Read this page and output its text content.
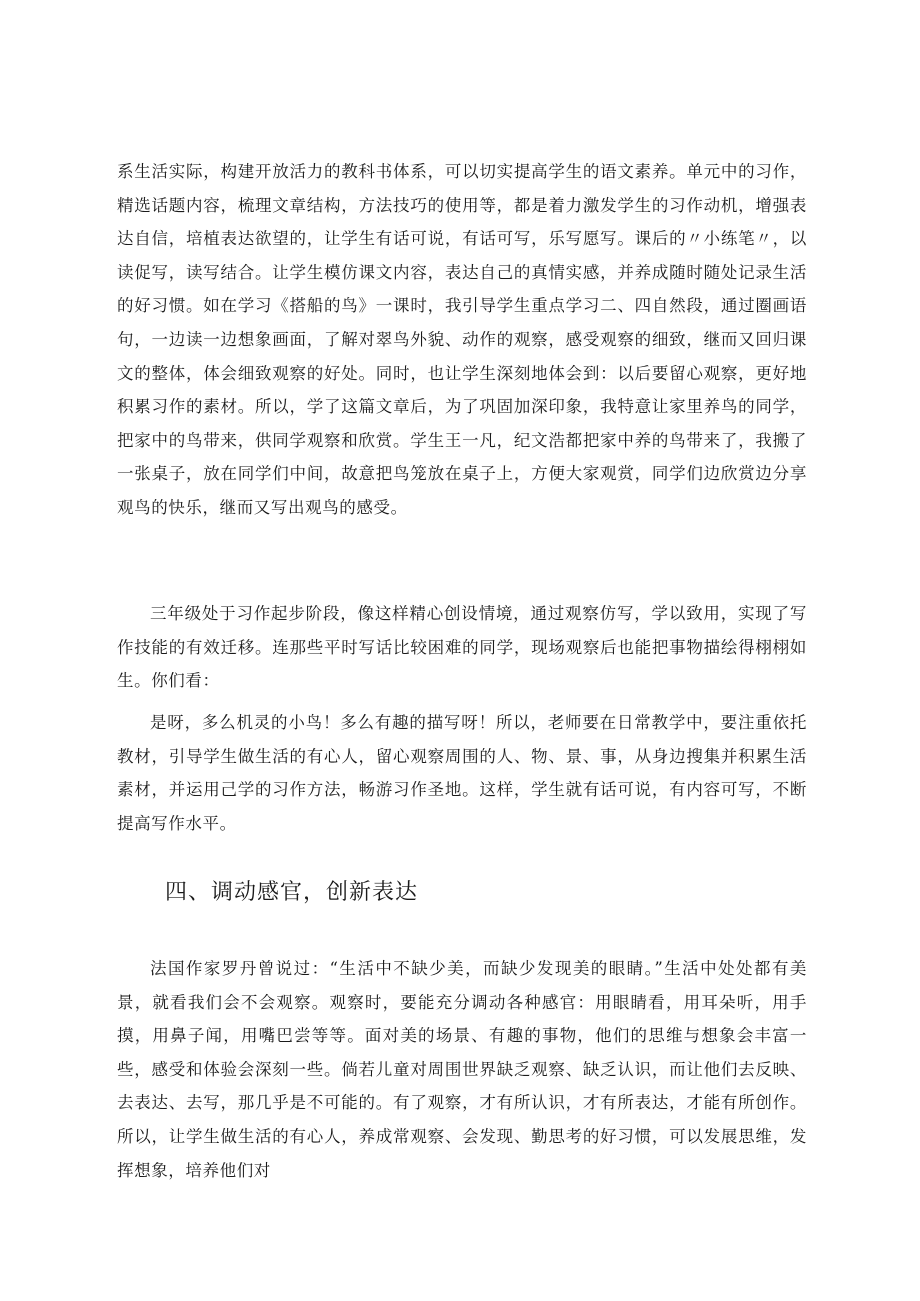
系生活实际，构建开放活力的教科书体系，可以切实提高学生的语文素养。单元中的习作，精选话题内容，梳理文章结构，方法技巧的使用等，都是着力激发学生的习作动机，增强表达自信，培植表达欲望的，让学生有话可说，有话可写，乐写愿写。课后的〃小练笔〃，以读促写，读写结合。让学生模仿课文内容，表达自己的真情实感，并养成随时随处记录生活的好习惯。如在学习《搭船的鸟》一课时，我引导学生重点学习二、四自然段，通过圈画语句，一边读一边想象画面，了解对翠鸟外貌、动作的观察，感受观察的细致，继而又回归课文的整体，体会细致观察的好处。同时，也让学生深刻地体会到：以后要留心观察，更好地积累习作的素材。所以，学了这篇文章后，为了巩固加深印象，我特意让家里养鸟的同学，把家中的鸟带来，供同学观察和欣赏。学生王一凡，纪文浩都把家中养的鸟带来了，我搬了一张桌子，放在同学们中间，故意把鸟笼放在桌子上，方便大家观赏，同学们边欣赏边分享观鸟的快乐，继而又写出观鸟的感受。

三年级处于习作起步阶段，像这样精心创设情境，通过观察仿写，学以致用，实现了写作技能的有效迁移。连那些平时写话比较困难的同学，现场观察后也能把事物描绘得栩栩如生。你们看：

是呀，多么机灵的小鸟！多么有趣的描写呀！所以，老师要在日常教学中，要注重依托教材，引导学生做生活的有心人，留心观察周围的人、物、景、事，从身边搜集并积累生活素材，并运用己学的习作方法，畅游习作圣地。这样，学生就有话可说，有内容可写，不断提高写作水平。

四、调动感官，创新表达

法国作家罗丹曾说过：“生活中不缺少美，而缺少发现美的眼睛。”生活中处处都有美景，就看我们会不会观察。观察时，要能充分调动各种感官：用眼睛看，用耳朵听，用手摸，用鼻子闻，用嘴巴尝等等。面对美的场景、有趣的事物，他们的思维与想象会丰富一些，感受和体验会深刻一些。倘若儿童对周围世界缺乏观察、缺乏认识，而让他们去反映、去表达、去写，那几乎是不可能的。有了观察，才有所认识，才有所表达，才能有所创作。所以，让学生做生活的有心人，养成常观察、会发现、勤思考的好习惯，可以发展思维，发挥想象，培养他们对
